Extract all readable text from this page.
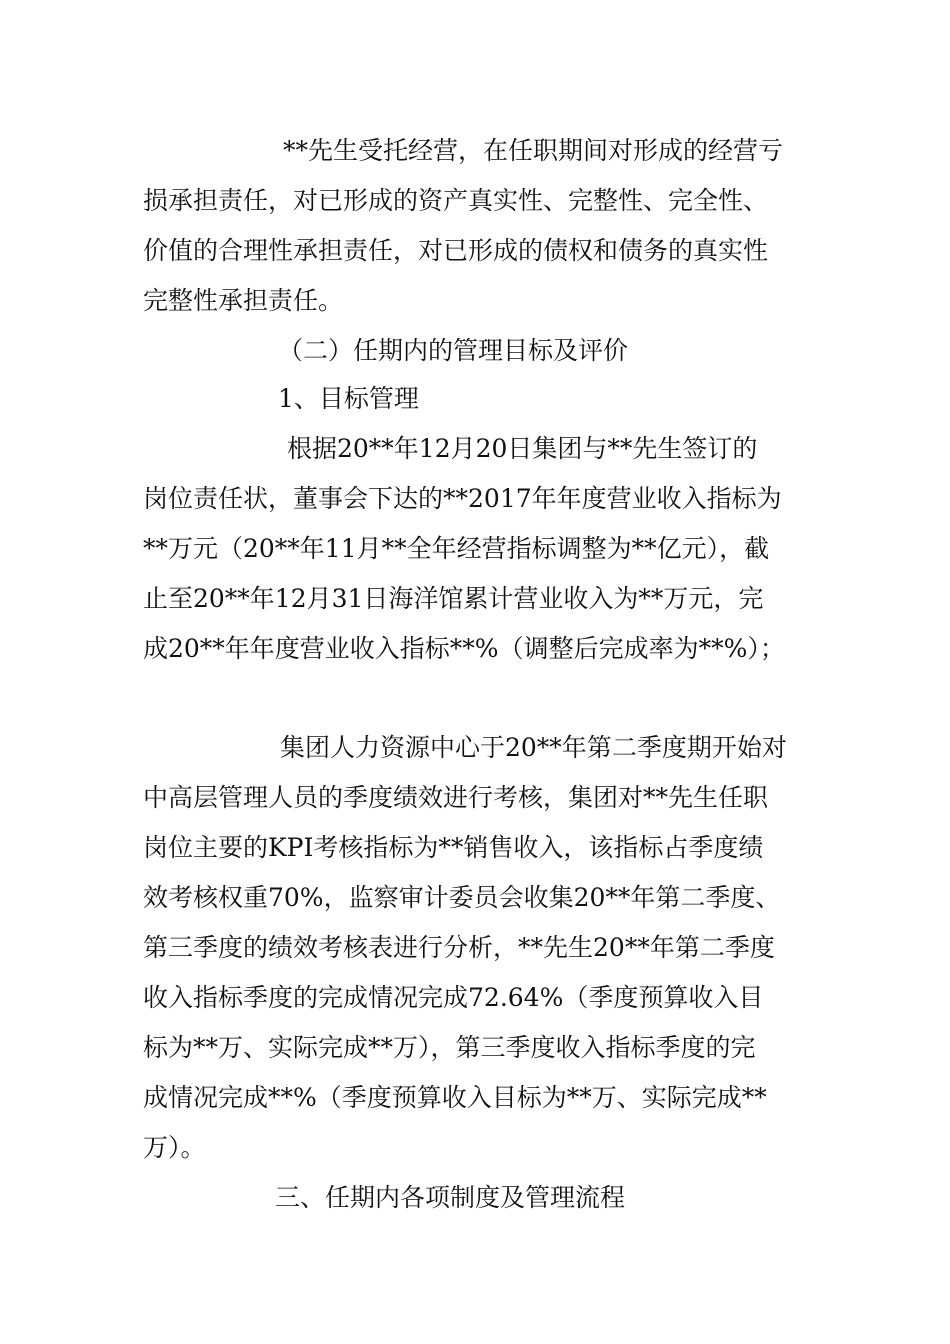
**先生受托经营，在任职期间对形成的经营亏
损承担责任，对已形成的资产真实性、完整性、完全性、
价值的合理性承担责任，对已形成的债权和债务的真实性
完整性承担责任。
（二）任期内的管理目标及评价
1、目标管理
根据20**年12月20日集团与**先生签订的
岗位责任状，董事会下达的**2017年年度营业收入指标为
**万元（20**年11月**全年经营指标调整为**亿元），截
止至20**年12月31日海洋馆累计营业收入为**万元，完
成20**年年度营业收入指标**%（调整后完成率为**%）；
集团人力资源中心于20**年第二季度期开始对
中高层管理人员的季度绩效进行考核，集团对**先生任职
岗位主要的KPI考核指标为**销售收入，该指标占季度绩
效考核权重70%，监察审计委员会收集20**年第二季度、
第三季度的绩效考核表进行分析，**先生20**年第二季度
收入指标季度的完成情况完成72.64%（季度预算收入目
标为**万、实际完成**万），第三季度收入指标季度的完
成情况完成**%（季度预算收入目标为**万、实际完成**
万）。
三、任期内各项制度及管理流程
